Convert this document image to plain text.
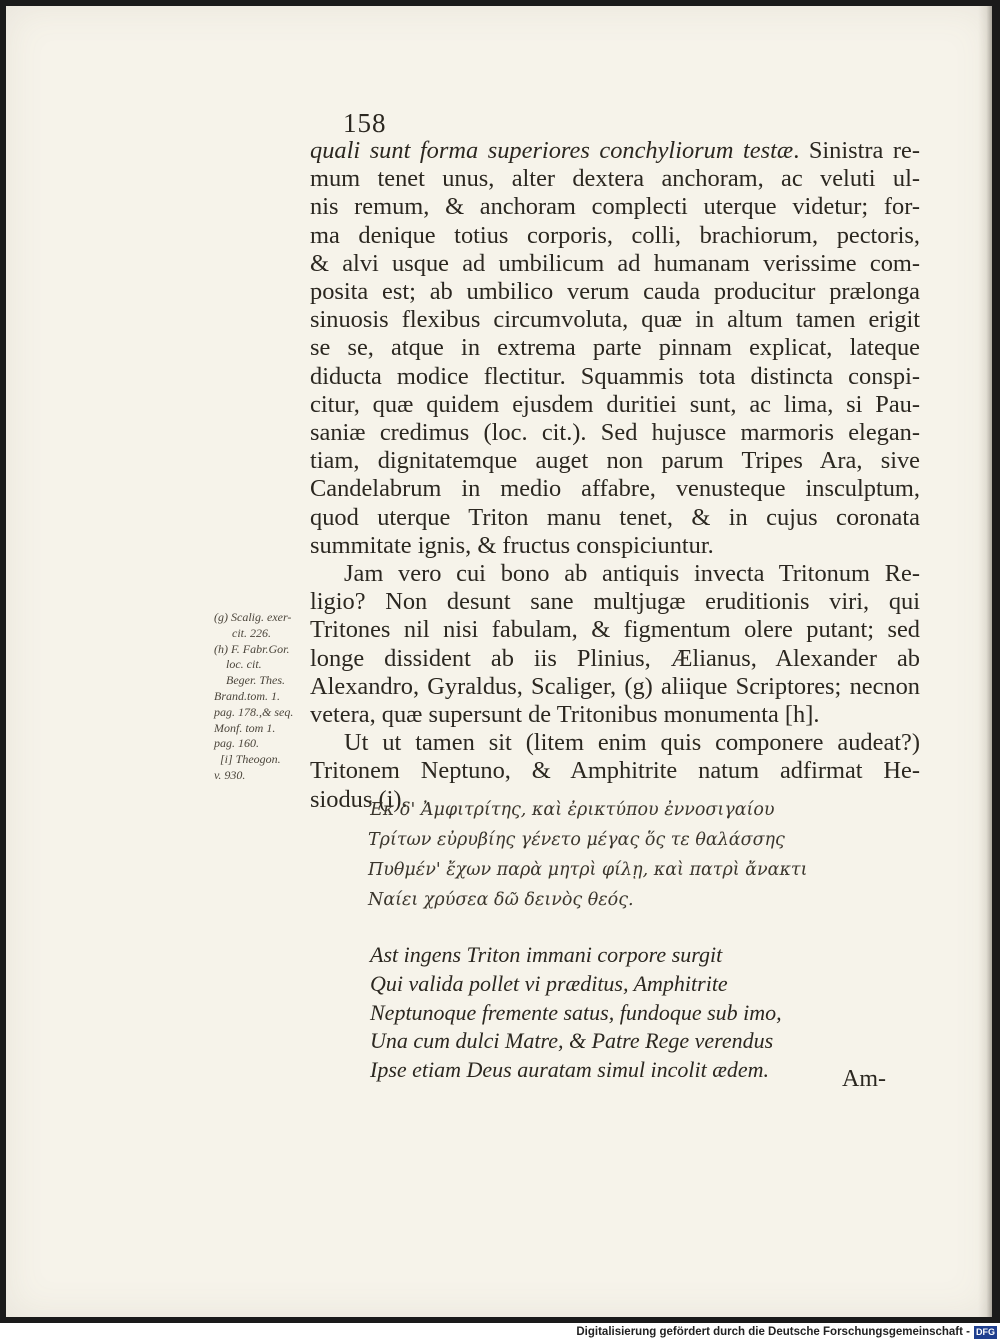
158
quali sunt forma superiores conchyliorum testæ. Sinistra re-
mum tenet unus, alter dextera anchoram, ac veluti ul-
nis remum, & anchoram complecti uterque videtur; for-
ma denique totius corporis, colli, brachiorum, pectoris,
& alvi usque ad umbilicum ad humanam verissime com-
posita est; ab umbilico verum cauda producitur prælonga
sinuosis flexibus circumvoluta, quæ in altum tamen erigit
se se, atque in extrema parte pinnam explicat, lateque
diducta modice flectitur. Squammis tota distincta conspi-
citur, quæ quidem ejusdem duritiei sunt, ac lima, si Pau-
saniæ credimus (loc. cit.). Sed hujusce marmoris elegan-
tiam, dignitatemque auget non parum Tripes Ara, sive
Candelabrum in medio affabre, venusteque insculptum,
quod uterque Triton manu tenet, & in cujus coronata
summitate ignis, & fructus conspiciuntur.
Jam vero cui bono ab antiquis invecta Tritonum Re-
ligio? Non desunt sane multjugæ eruditionis viri, qui
Tritones nil nisi fabulam, & figmentum olere putant; sed
longe dissident ab iis Plinius, Ælianus, Alexander ab
Alexandro, Gyraldus, Scaliger, (g) aliique Scriptores; necnon
vetera, quæ supersunt de Tritonibus monumenta [h].
Ut ut tamen sit (litem enim quis componere audeat?)
Tritonem Neptuno, & Amphitrite natum adfirmat He-
siodus (i).
(g) Scalig. exer-
cit. 226.
(h) F. Fabr.Gor.
loc. cit.
Beger. Thes.
Brand.tom. 1.
pag. 178.,& seq.
Monf. tom 1.
pag. 160.
[i] Theogon.
v. 930.
Ἐκ δ' Ἀμφιτρίτης, καὶ ἐρικτύπου ἐννοσιγαίου
Τρίτων εὐρυβίης γένετο μέγας ὅς τε θαλάσσης
Πυθμέν' ἔχων παρὰ μητρὶ φίλῃ, καὶ πατρὶ ἄνακτι
Ναίει χρύσεα δῶ δεινὸς θεός.
Ast ingens Triton immani corpore surgit
Qui valida pollet vi præditus, Amphitrite
Neptunoque fremente satus, fundoque sub imo,
Una cum dulci Matre, & Patre Rege verendus
Ipse etiam Deus auratam simul incolit ædem.	Am-
Digitalisierung gefördert durch die Deutsche Forschungsgemeinschaft - DFG
